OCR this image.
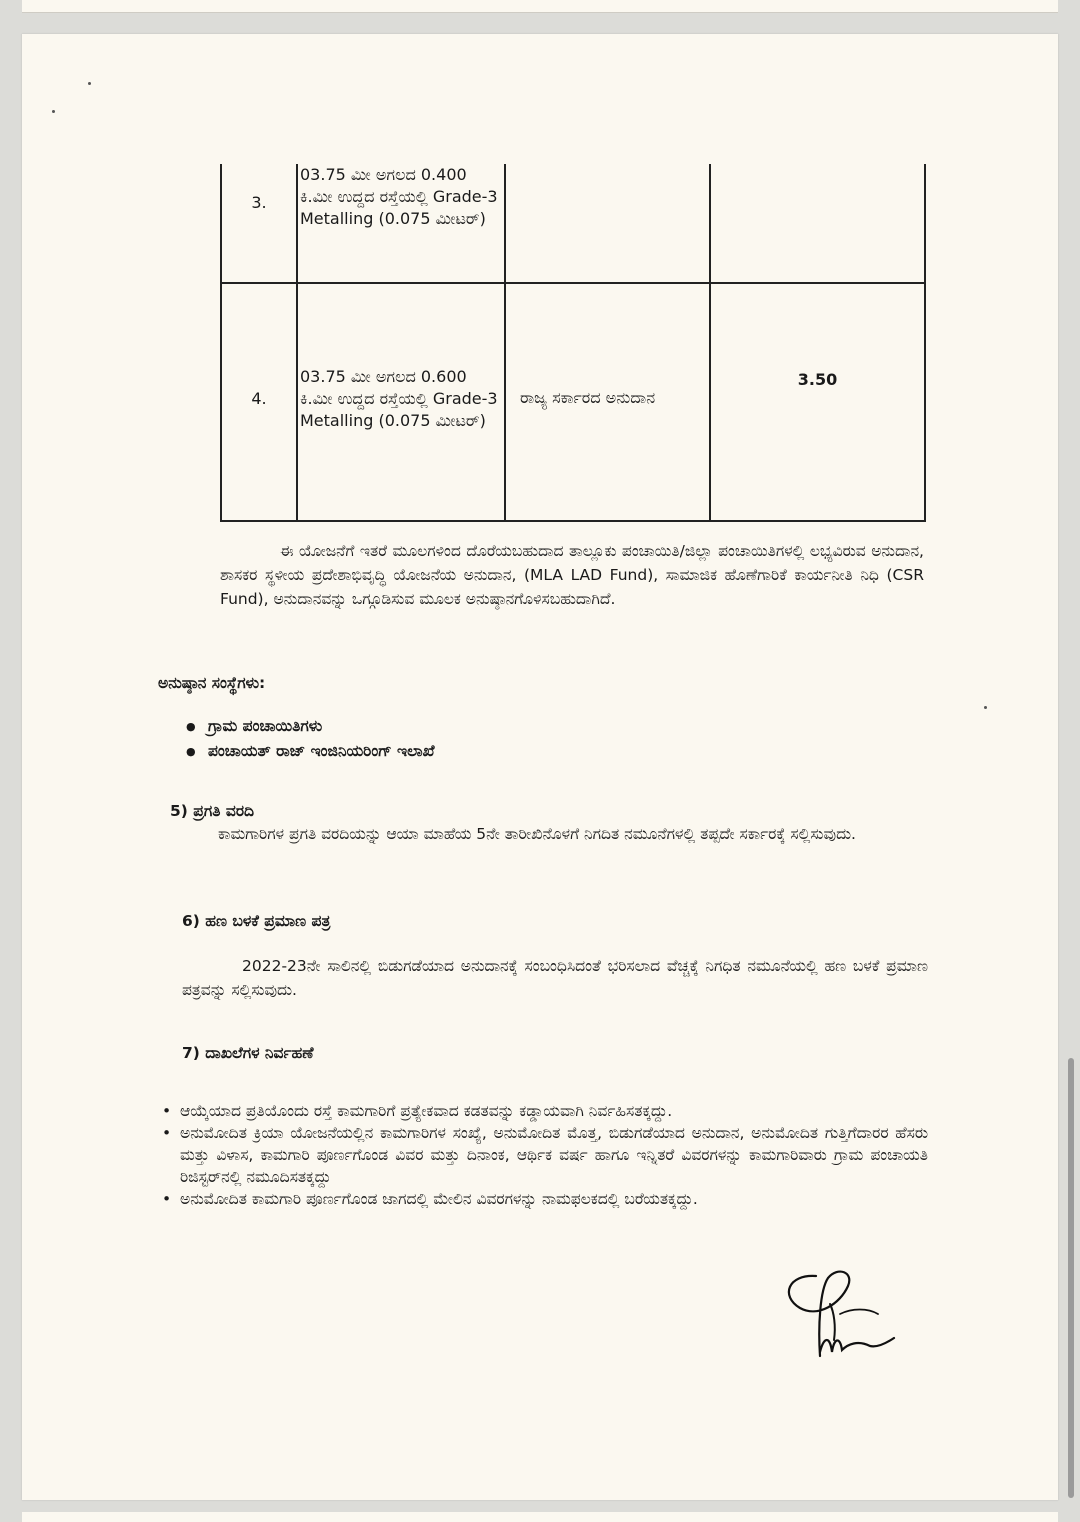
3.	03.75 ಮೀ ಅಗಲದ 0.400 ಕಿ.ಮೀ ಉದ್ದದ ರಸ್ತೆಯಲ್ಲಿ Grade-3 Metalling (0.075 ಮೀಟರ್)		

4.	03.75 ಮೀ ಅಗಲದ 0.600 ಕಿ.ಮೀ ಉದ್ದದ ರಸ್ತೆಯಲ್ಲಿ Grade-3 Metalling (0.075 ಮೀಟರ್)	ರಾಜ್ಯ ಸರ್ಕಾರದ ಅನುದಾನ	3.50
ಈ ಯೋಜನೆಗೆ ಇತರೆ ಮೂಲಗಳಿಂದ ದೊರೆಯಬಹುದಾದ ತಾಲ್ಲೂಕು ಪಂಚಾಯಿತಿ/ಜಿಲ್ಲಾ ಪಂಚಾಯಿತಿಗಳಲ್ಲಿ ಲಭ್ಯವಿರುವ ಅನುದಾನ, ಶಾಸಕರ ಸ್ಥಳೀಯ ಪ್ರದೇಶಾಭಿವೃದ್ಧಿ ಯೋಜನೆಯ ಅನುದಾನ, (MLA LAD Fund), ಸಾಮಾಜಿಕ ಹೊಣೆಗಾರಿಕೆ ಕಾರ್ಯನೀತಿ ನಿಧಿ (CSR Fund), ಅನುದಾನವನ್ನು ಒಗ್ಗೂಡಿಸುವ ಮೂಲಕ ಅನುಷ್ಠಾನಗೊಳಿಸಬಹುದಾಗಿದೆ.
ಅನುಷ್ಠಾನ ಸಂಸ್ಥೆಗಳು:
● ಗ್ರಾಮ ಪಂಚಾಯಿತಿಗಳು
● ಪಂಚಾಯತ್ ರಾಜ್ ಇಂಜಿನಿಯರಿಂಗ್ ಇಲಾಖೆ
5) ಪ್ರಗತಿ ವರದಿ
ಕಾಮಗಾರಿಗಳ ಪ್ರಗತಿ ವರದಿಯನ್ನು ಆಯಾ ಮಾಹೆಯ 5ನೇ ತಾರೀಖಿನೊಳಗೆ ನಿಗದಿತ ನಮೂನೆಗಳಲ್ಲಿ ತಪ್ಪದೇ ಸರ್ಕಾರಕ್ಕೆ ಸಲ್ಲಿಸುವುದು.
6) ಹಣ ಬಳಕೆ ಪ್ರಮಾಣ ಪತ್ರ
2022-23ನೇ ಸಾಲಿನಲ್ಲಿ ಬಿಡುಗಡೆಯಾದ ಅನುದಾನಕ್ಕೆ ಸಂಬಂಧಿಸಿದಂತೆ ಭರಿಸಲಾದ ವೆಚ್ಚಕ್ಕೆ ನಿಗಧಿತ ನಮೂನೆಯಲ್ಲಿ ಹಣ ಬಳಕೆ ಪ್ರಮಾಣ ಪತ್ರವನ್ನು ಸಲ್ಲಿಸುವುದು.
7) ದಾಖಲೆಗಳ ನಿರ್ವಹಣೆ
• ಆಯ್ಕೆಯಾದ ಪ್ರತಿಯೊಂದು ರಸ್ತೆ ಕಾಮಗಾರಿಗೆ ಪ್ರತ್ಯೇಕವಾದ ಕಡತವನ್ನು ಕಡ್ಡಾಯವಾಗಿ ನಿರ್ವಹಿಸತಕ್ಕದ್ದು.
• ಅನುಮೋದಿತ ಕ್ರಿಯಾ ಯೋಜನೆಯಲ್ಲಿನ ಕಾಮಗಾರಿಗಳ ಸಂಖ್ಯೆ, ಅನುಮೋದಿತ ಮೊತ್ತ, ಬಿಡುಗಡೆಯಾದ ಅನುದಾನ, ಅನುಮೋದಿತ ಗುತ್ತಿಗೆದಾರರ ಹೆಸರು ಮತ್ತು ವಿಳಾಸ, ಕಾಮಗಾರಿ ಪೂರ್ಣಗೊಂಡ ವಿವರ ಮತ್ತು ದಿನಾಂಕ, ಆರ್ಥಿಕ ವರ್ಷ ಹಾಗೂ ಇನ್ನಿತರೆ ವಿವರಗಳನ್ನು ಕಾಮಗಾರಿವಾರು ಗ್ರಾಮ ಪಂಚಾಯತಿ ರಿಜಿಸ್ಟರ್‌ನಲ್ಲಿ ನಮೂದಿಸತಕ್ಕದ್ದು
• ಅನುಮೋದಿತ ಕಾಮಗಾರಿ ಪೂರ್ಣಗೊಂಡ ಜಾಗದಲ್ಲಿ ಮೇಲಿನ ವಿವರಗಳನ್ನು ನಾಮಫಲಕದಲ್ಲಿ ಬರೆಯತಕ್ಕದ್ದು.
